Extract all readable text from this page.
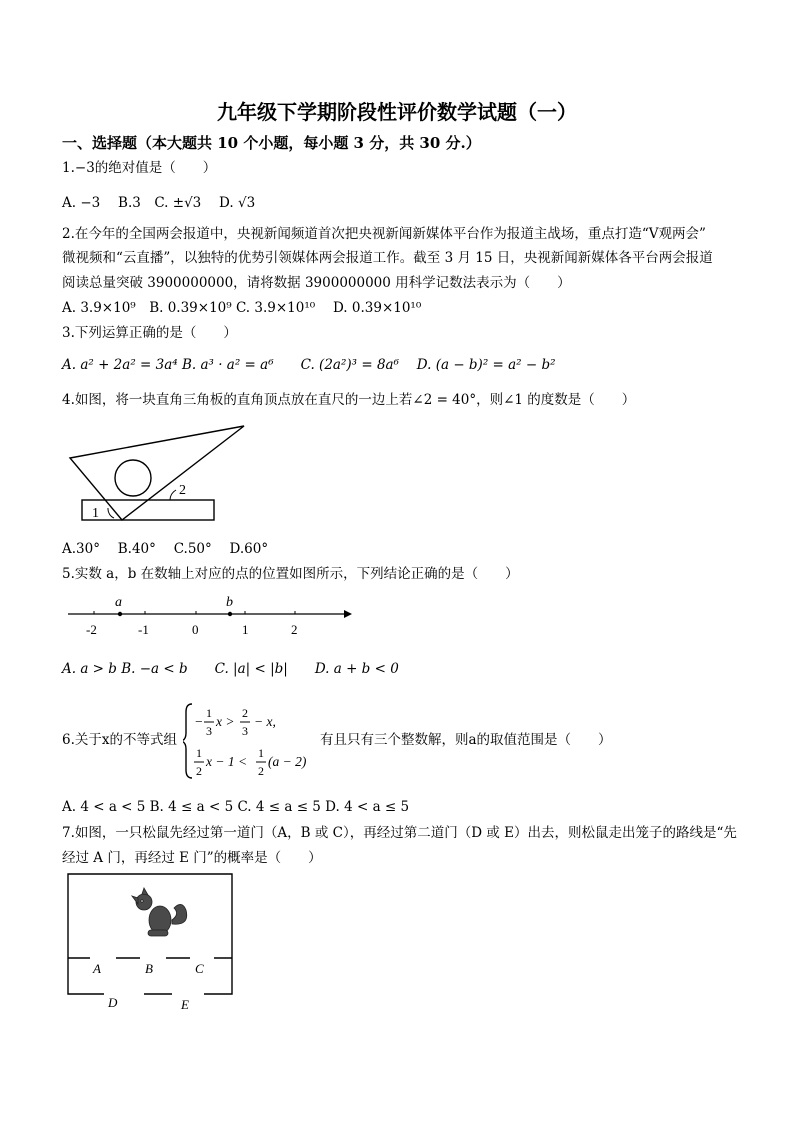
九年级下学期阶段性评价数学试题（一）
一、选择题（本大题共 10 个小题，每小题 3 分，共 30 分.）
1.−3的绝对值是（　　）
A. −3　 B.3　C. ±√3　 D. √3
2.在今年的全国两会报道中，央视新闻频道首次把央视新闻新媒体平台作为报道主战场，重点打造“V观两会”
微视频和“云直播”，以独特的优势引领媒体两会报道工作。截至 3 月 15 日，央视新闻新媒体各平台两会报道
阅读总量突破 3900000000，请将数据 3900000000 用科学记数法表示为（　　）
A. 3.9×10⁹　B. 0.39×10⁹ C. 3.9×10¹⁰　 D. 0.39×10¹⁰
3.下列运算正确的是（　　）
A. a² + 2a² = 3a⁴ B. a³ · a² = a⁶　　C. (2a²)³ = 8a⁶　 D. (a − b)² = a² − b²
4.如图，将一块直角三角板的直角顶点放在直尺的一边上若∠2 = 40°，则∠1 的度数是（　　）
1
2
A.30°　 B.40°　 C.50°　 D.60°
5.实数 a，b 在数轴上对应的点的位置如图所示，下列结论正确的是（　　）
-2	-1	0	1	2
a	b
A. a > b B. −a < b　　C. |a| < |b|　　D. a + b < 0
6.关于x的不等式组
−
1
3
x >
2
3
− x,
1
2
x − 1 <
1
2
(a − 2)
有且只有三个整数解，则a的取值范围是（　　）
A. 4 < a < 5 B. 4 ≤ a < 5 C. 4 ≤ a ≤ 5 D. 4 < a ≤ 5
7.如图，一只松鼠先经过第一道门（A，B 或 C），再经过第二道门（D 或 E）出去，则松鼠走出笼子的路线是“先
经过 A 门，再经过 E 门”的概率是（　　）
A	B	C
D	E
